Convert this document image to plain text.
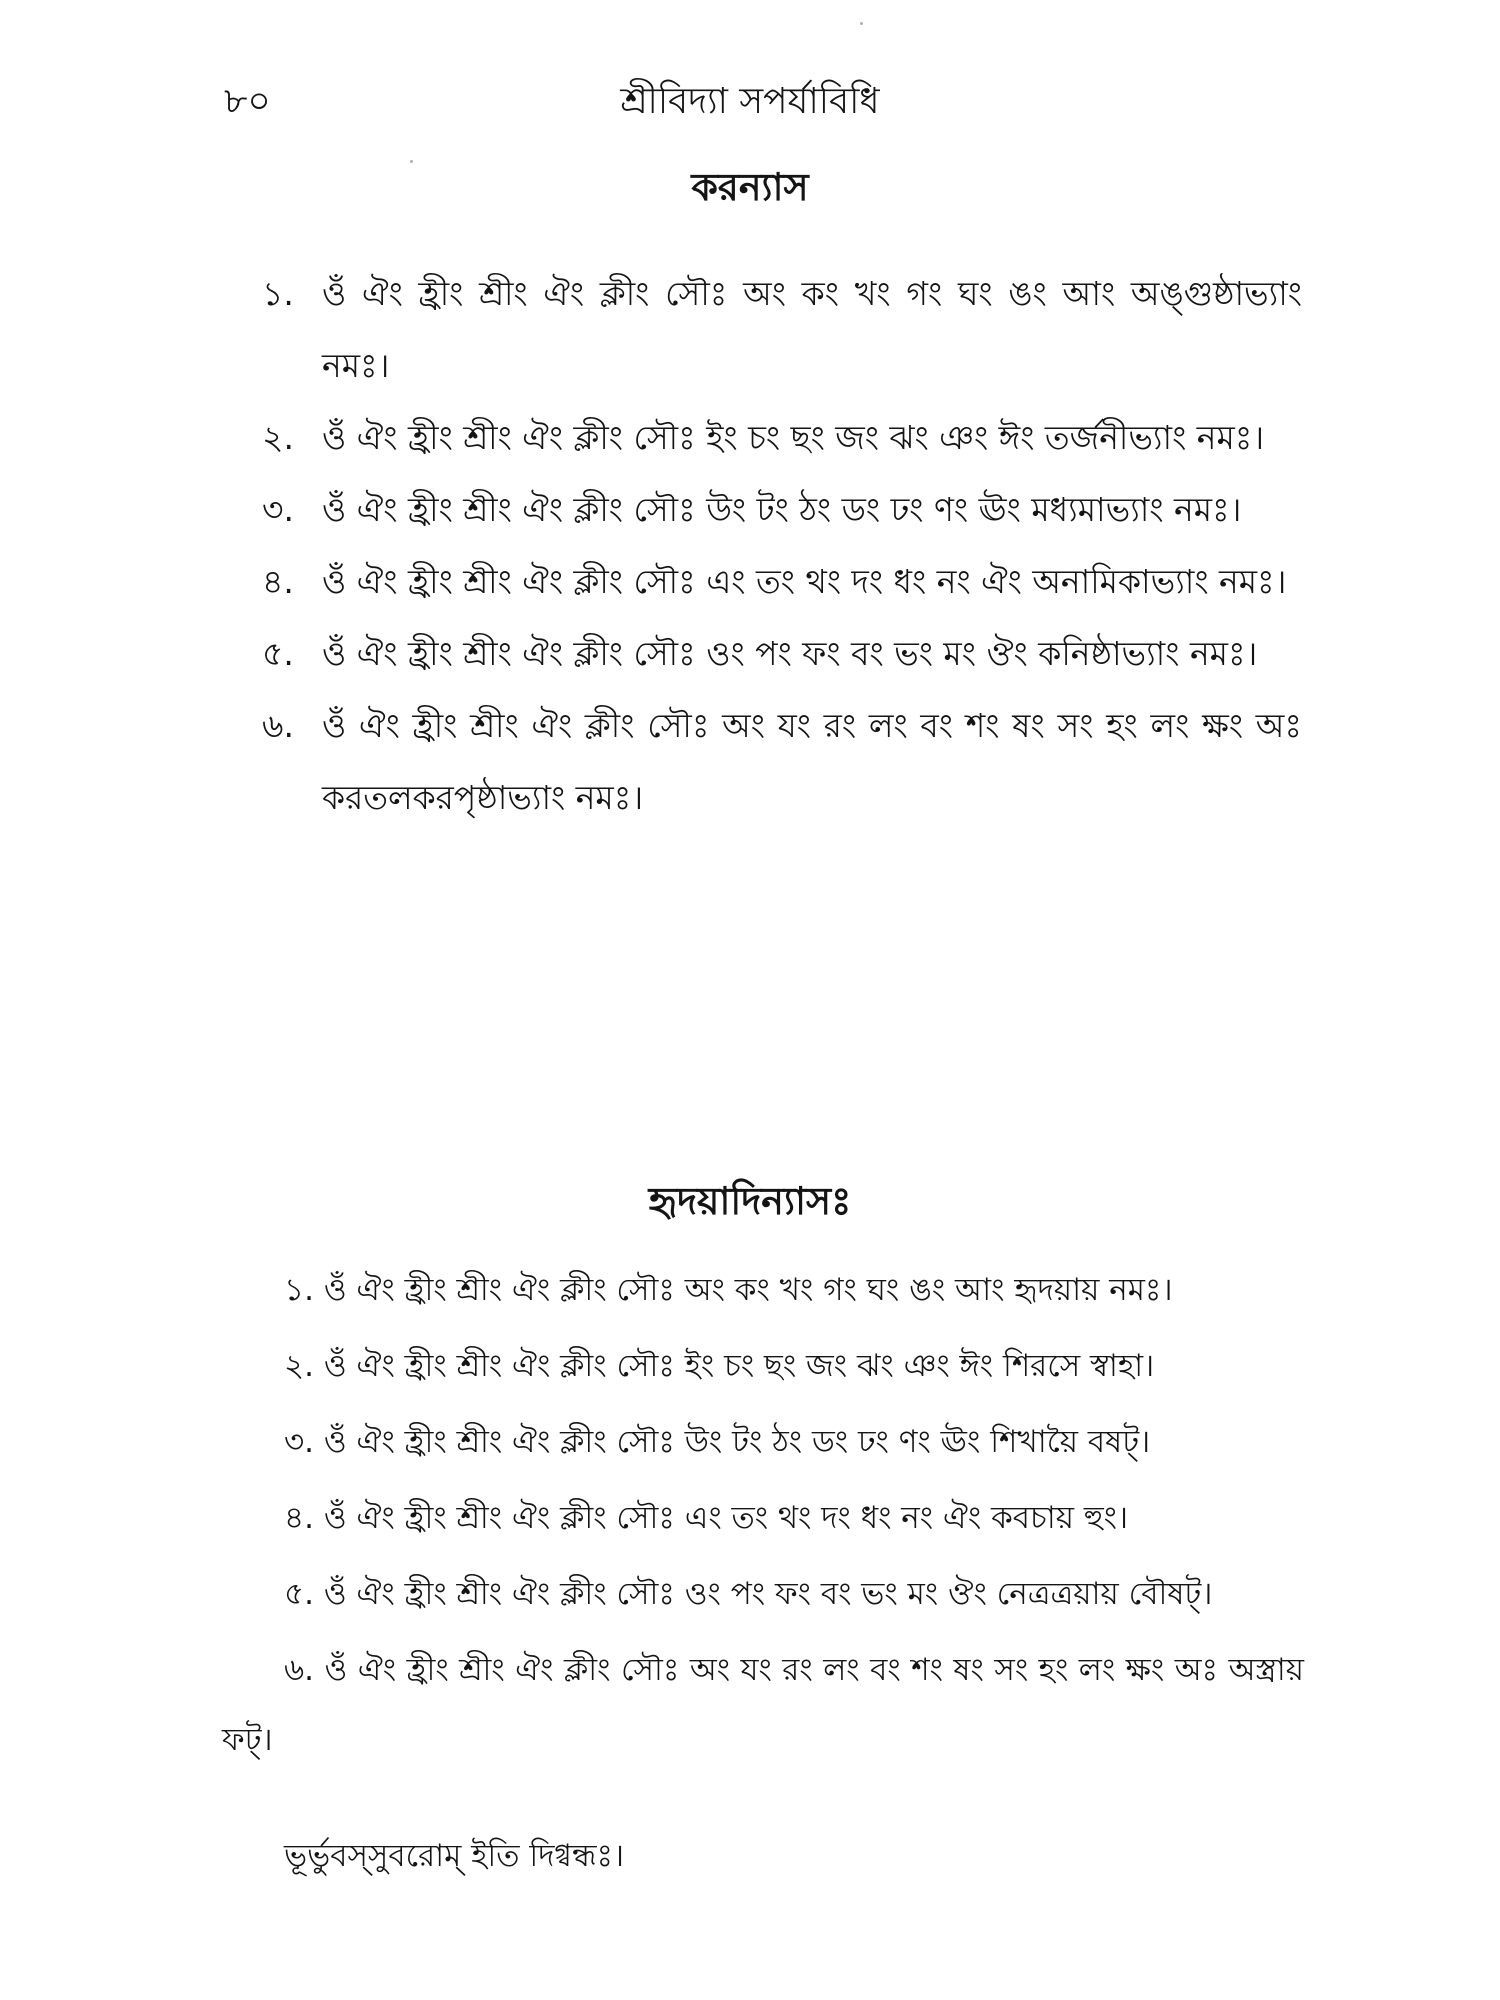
৮০	শ্রীবিদ্যা সপর্যাবিধি
করন্যাস
১. ওঁ ঐং হ্রীং শ্রীং ঐং ক্লীং সৌঃ অং কং খং গং ঘং ঙং আং অঙ্গুষ্ঠাভ্যাং নমঃ।
২. ওঁ ঐং হ্রীং শ্রীং ঐং ক্লীং সৌঃ ইং চং ছং জং ঝং ঞং ঈং তর্জনীভ্যাং নমঃ।
৩. ওঁ ঐং হ্রীং শ্রীং ঐং ক্লীং সৌঃ উং টং ঠং ডং ঢং ণং ঊং মধ্যমাভ্যাং নমঃ।
৪. ওঁ ঐং হ্রীং শ্রীং ঐং ক্লীং সৌঃ এং তং থং দং ধং নং ঐং অনামিকাভ্যাং নমঃ।
৫. ওঁ ঐং হ্রীং শ্রীং ঐং ক্লীং সৌঃ ওং পং ফং বং ভং মং ঔং কনিষ্ঠাভ্যাং নমঃ।
৬. ওঁ ঐং হ্রীং শ্রীং ঐং ক্লীং সৌঃ অং যং রং লং বং শং ষং সং হং লং ক্ষং অঃ করতলকরপৃষ্ঠাভ্যাং নমঃ।
হৃদয়াদিন্যাসঃ

১. ওঁ ঐং হ্রীং শ্রীং ঐং ক্লীং সৌঃ অং কং খং গং ঘং ঙং আং হৃদয়ায় নমঃ।

২. ওঁ ঐং হ্রীং শ্রীং ঐং ক্লীং সৌঃ ইং চং ছং জং ঝং ঞং ঈং শিরসে স্বাহা।

৩. ওঁ ঐং হ্রীং শ্রীং ঐং ক্লীং সৌঃ উং টং ঠং ডং ঢং ণং ঊং শিখায়ৈ বষট্।

৪. ওঁ ঐং হ্রীং শ্রীং ঐং ক্লীং সৌঃ এং তং থং দং ধং নং ঐং কবচায় হুং।

৫. ওঁ ঐং হ্রীং শ্রীং ঐং ক্লীং সৌঃ ওং পং ফং বং ভং মং ঔং নেত্রত্রয়ায় বৌষট্।

৬. ওঁ ঐং হ্রীং শ্রীং ঐং ক্লীং সৌঃ অং যং রং লং বং শং ষং সং হং লং ক্ষং অঃ অস্ত্রায় ফট্।

ভূর্ভুবস্সুবরোম্ ইতি দিগ্বন্ধঃ।
